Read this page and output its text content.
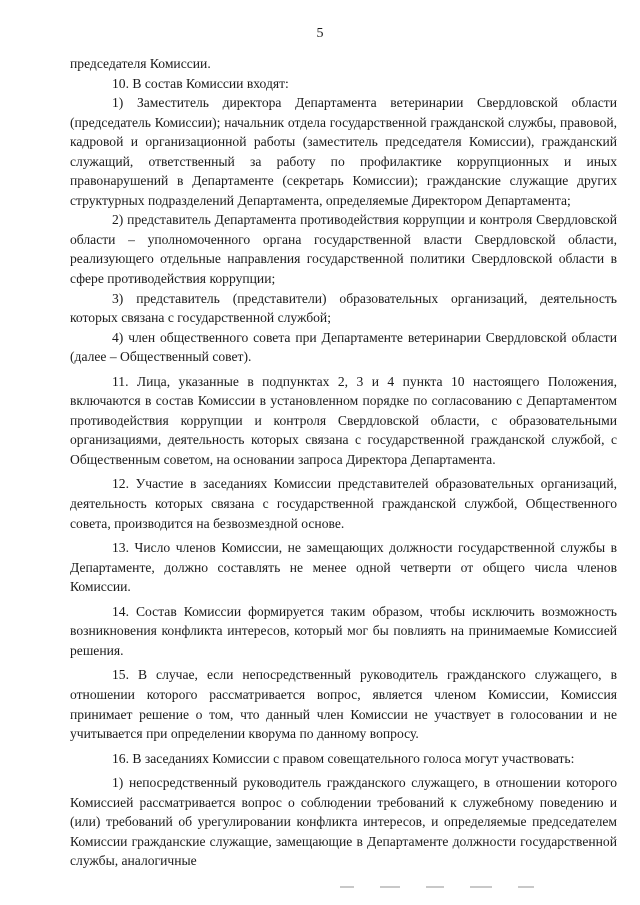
5

председателя Комиссии.

10. В состав Комиссии входят:

1) Заместитель директора Департамента ветеринарии Свердловской области (председатель Комиссии); начальник отдела государственной гражданской службы, правовой, кадровой и организационной работы (заместитель председателя Комиссии), гражданский служащий, ответственный за работу по профилактике коррупционных и иных правонарушений в Департаменте (секретарь Комиссии); гражданские служащие других структурных подразделений Департамента, определяемые Директором Департамента;

2) представитель Департамента противодействия коррупции и контроля Свердловской области – уполномоченного органа государственной власти Свердловской области, реализующего отдельные направления государственной политики Свердловской области в сфере противодействия коррупции;

3) представитель (представители) образовательных организаций, деятельность которых связана с государственной службой;

4) член общественного совета при Департаменте ветеринарии Свердловской области (далее – Общественный совет).

11. Лица, указанные в подпунктах 2, 3 и 4 пункта 10 настоящего Положения, включаются в состав Комиссии в установленном порядке по согласованию с Департаментом противодействия коррупции и контроля Свердловской области, с образовательными организациями, деятельность которых связана с государственной гражданской службой, с Общественным советом, на основании запроса Директора Департамента.

12. Участие в заседаниях Комиссии представителей образовательных организаций, деятельность которых связана с государственной гражданской службой, Общественного совета, производится на безвозмездной основе.

13. Число членов Комиссии, не замещающих должности государственной службы в Департаменте, должно составлять не менее одной четверти от общего числа членов Комиссии.

14. Состав Комиссии формируется таким образом, чтобы исключить возможность возникновения конфликта интересов, который мог бы повлиять на принимаемые Комиссией решения.

15. В случае, если непосредственный руководитель гражданского служащего, в отношении которого рассматривается вопрос, является членом Комиссии, Комиссия принимает решение о том, что данный член Комиссии не участвует в голосовании и не учитывается при определении кворума по данному вопросу.

16. В заседаниях Комиссии с правом совещательного голоса могут участвовать:

1) непосредственный руководитель гражданского служащего, в отношении которого Комиссией рассматривается вопрос о соблюдении требований к служебному поведению и (или) требований об урегулировании конфликта интересов, и определяемые председателем Комиссии гражданские служащие, замещающие в Департаменте должности государственной службы, аналогичные
